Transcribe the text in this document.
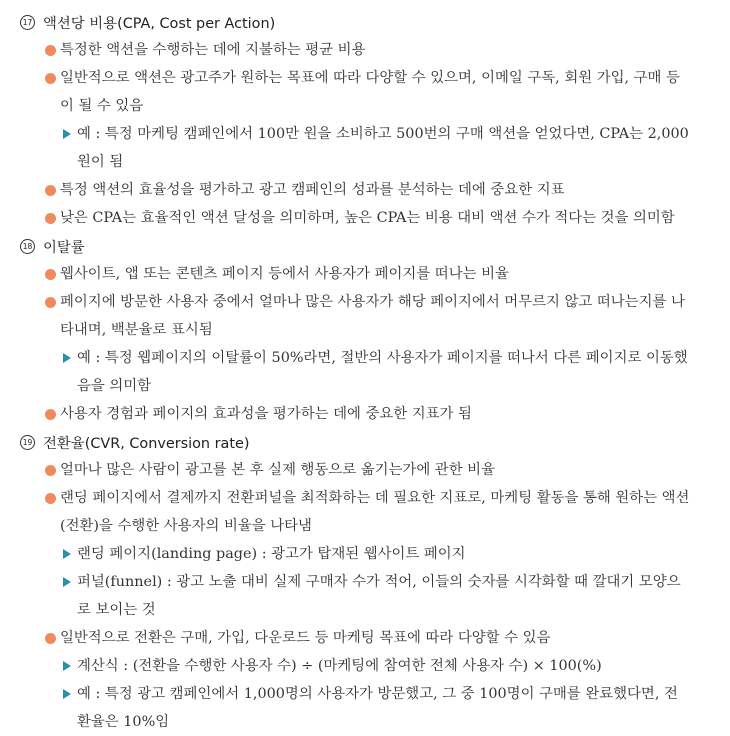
17 액션당 비용(CPA, Cost per Action)
특정한 액션을 수행하는 데에 지불하는 평균 비용
일반적으로 액션은 광고주가 원하는 목표에 따라 다양할 수 있으며, 이메일 구독, 회원 가입, 구매 등이 될 수 있음
예 : 특정 마케팅 캠페인에서 100만 원을 소비하고 500번의 구매 액션을 얻었다면, CPA는 2,000원이 됨
특정 액션의 효율성을 평가하고 광고 캠페인의 성과를 분석하는 데에 중요한 지표
낮은 CPA는 효율적인 액션 달성을 의미하며, 높은 CPA는 비용 대비 액션 수가 적다는 것을 의미함
18 이탈률
웹사이트, 앱 또는 콘텐츠 페이지 등에서 사용자가 페이지를 떠나는 비율
페이지에 방문한 사용자 중에서 얼마나 많은 사용자가 해당 페이지에서 머무르지 않고 떠나는지를 나타내며, 백분율로 표시됨
예 : 특정 웹페이지의 이탈률이 50%라면, 절반의 사용자가 페이지를 떠나서 다른 페이지로 이동했음을 의미함
사용자 경험과 페이지의 효과성을 평가하는 데에 중요한 지표가 됨
19 전환율(CVR, Conversion rate)
얼마나 많은 사람이 광고를 본 후 실제 행동으로 옮기는가에 관한 비율
랜딩 페이지에서 결제까지 전환퍼널을 최적화하는 데 필요한 지표로, 마케팅 활동을 통해 원하는 액션(전환)을 수행한 사용자의 비율을 나타냄
랜딩 페이지(landing page) : 광고가 탑재된 웹사이트 페이지
퍼널(funnel) : 광고 노출 대비 실제 구매자 수가 적어, 이들의 숫자를 시각화할 때 깔대기 모양으로 보이는 것
일반적으로 전환은 구매, 가입, 다운로드 등 마케팅 목표에 따라 다양할 수 있음
계산식 : (전환을 수행한 사용자 수) ÷ (마케팅에 참여한 전체 사용자 수) × 100(%)
예 : 특정 광고 캠페인에서 1,000명의 사용자가 방문했고, 그 중 100명이 구매를 완료했다면, 전환율은 10%임
